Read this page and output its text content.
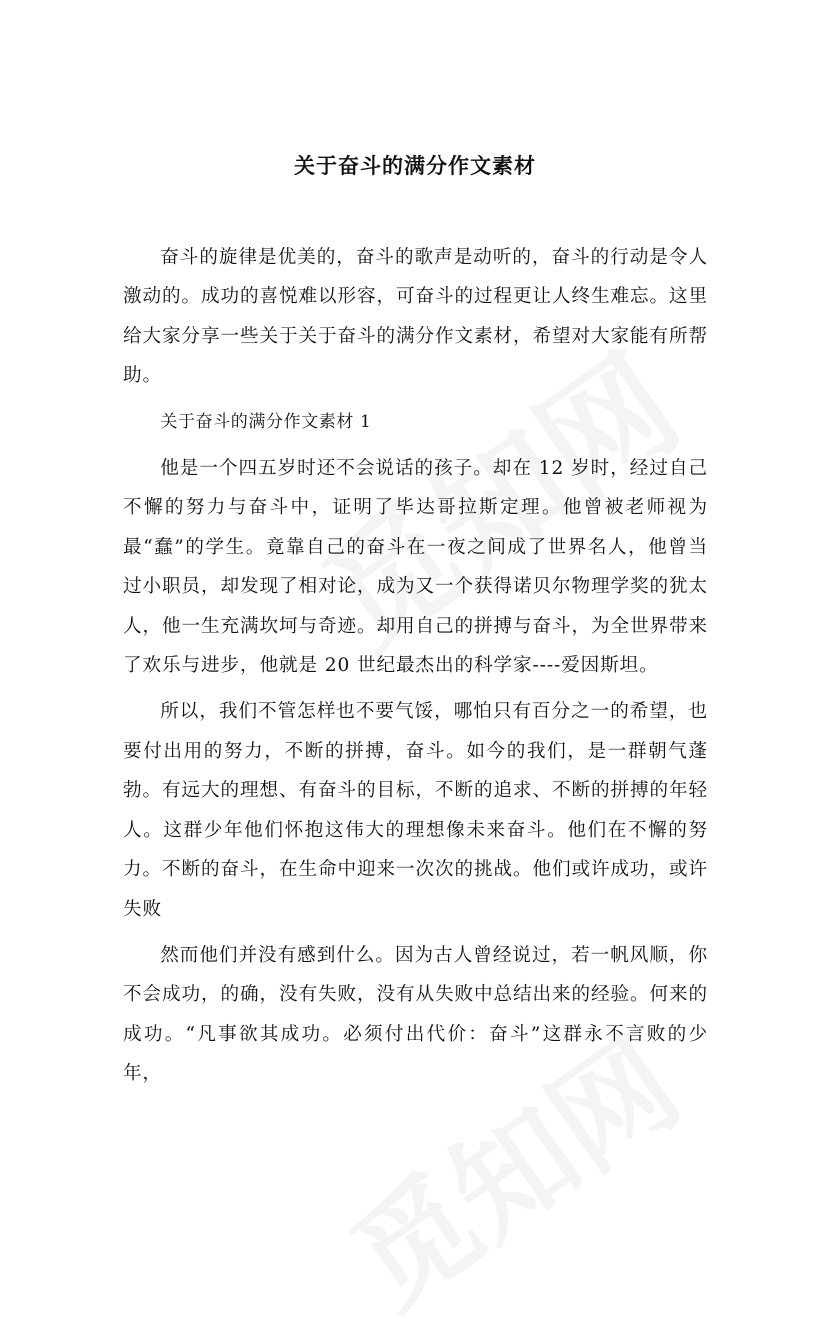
关于奋斗的满分作文素材

奋斗的旋律是优美的，奋斗的歌声是动听的，奋斗的行动是令人激动的。成功的喜悦难以形容，可奋斗的过程更让人终生难忘。这里给大家分享一些关于关于奋斗的满分作文素材，希望对大家能有所帮助。

关于奋斗的满分作文素材 1

他是一个四五岁时还不会说话的孩子。却在 12 岁时，经过自己不懈的努力与奋斗中，证明了毕达哥拉斯定理。他曾被老师视为最“蠢”的学生。竟靠自己的奋斗在一夜之间成了世界名人，他曾当过小职员，却发现了相对论，成为又一个获得诺贝尔物理学奖的犹太人，他一生充满坎坷与奇迹。却用自己的拼搏与奋斗，为全世界带来了欢乐与进步，他就是 20 世纪最杰出的科学家----爱因斯坦。

所以，我们不管怎样也不要气馁，哪怕只有百分之一的希望，也要付出用的努力，不断的拼搏，奋斗。如今的我们，是一群朝气蓬勃。有远大的理想、有奋斗的目标，不断的追求、不断的拼搏的年轻人。这群少年他们怀抱这伟大的理想像未来奋斗。他们在不懈的努力。不断的奋斗，在生命中迎来一次次的挑战。他们或许成功，或许失败

然而他们并没有感到什么。因为古人曾经说过，若一帆风顺，你不会成功，的确，没有失败，没有从失败中总结出来的经验。何来的成功。“凡事欲其成功。必须付出代价：奋斗”这群永不言败的少年，
